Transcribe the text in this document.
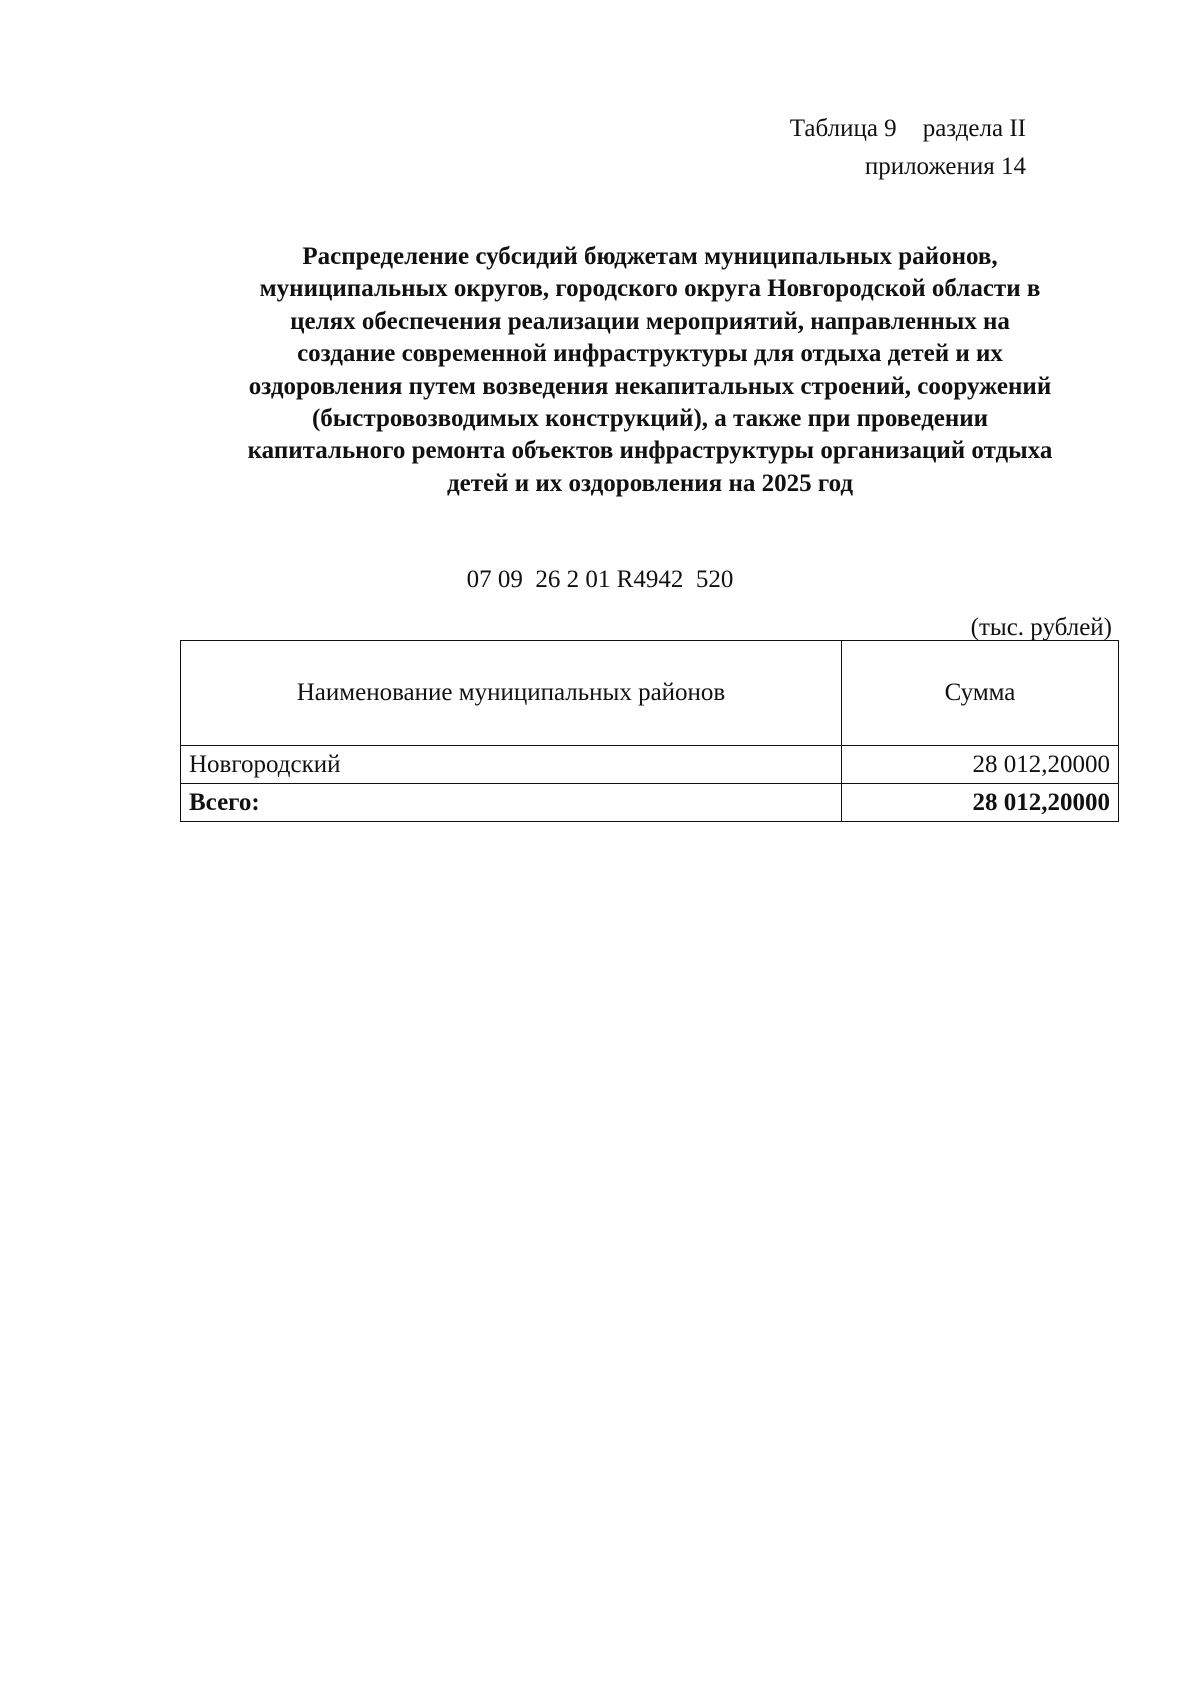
Таблица 9 раздела II
приложения 14
Распределение субсидий бюджетам муниципальных районов,
муниципальных округов, городского округа Новгородской области в
целях обеспечения реализации мероприятий, направленных на
создание современной инфраструктуры для отдыха детей и их
оздоровления путем возведения некапитальных строений, сооружений
(быстровозводимых конструкций), а также при проведении
капитального ремонта объектов инфраструктуры организаций отдыха
детей и их оздоровления на 2025 год
07 09  26 2 01 R4942  520
(тыс. рублей)
Наименование муниципальных районов	Сумма
Новгородский	28 012,20000
Всего:	28 012,20000
